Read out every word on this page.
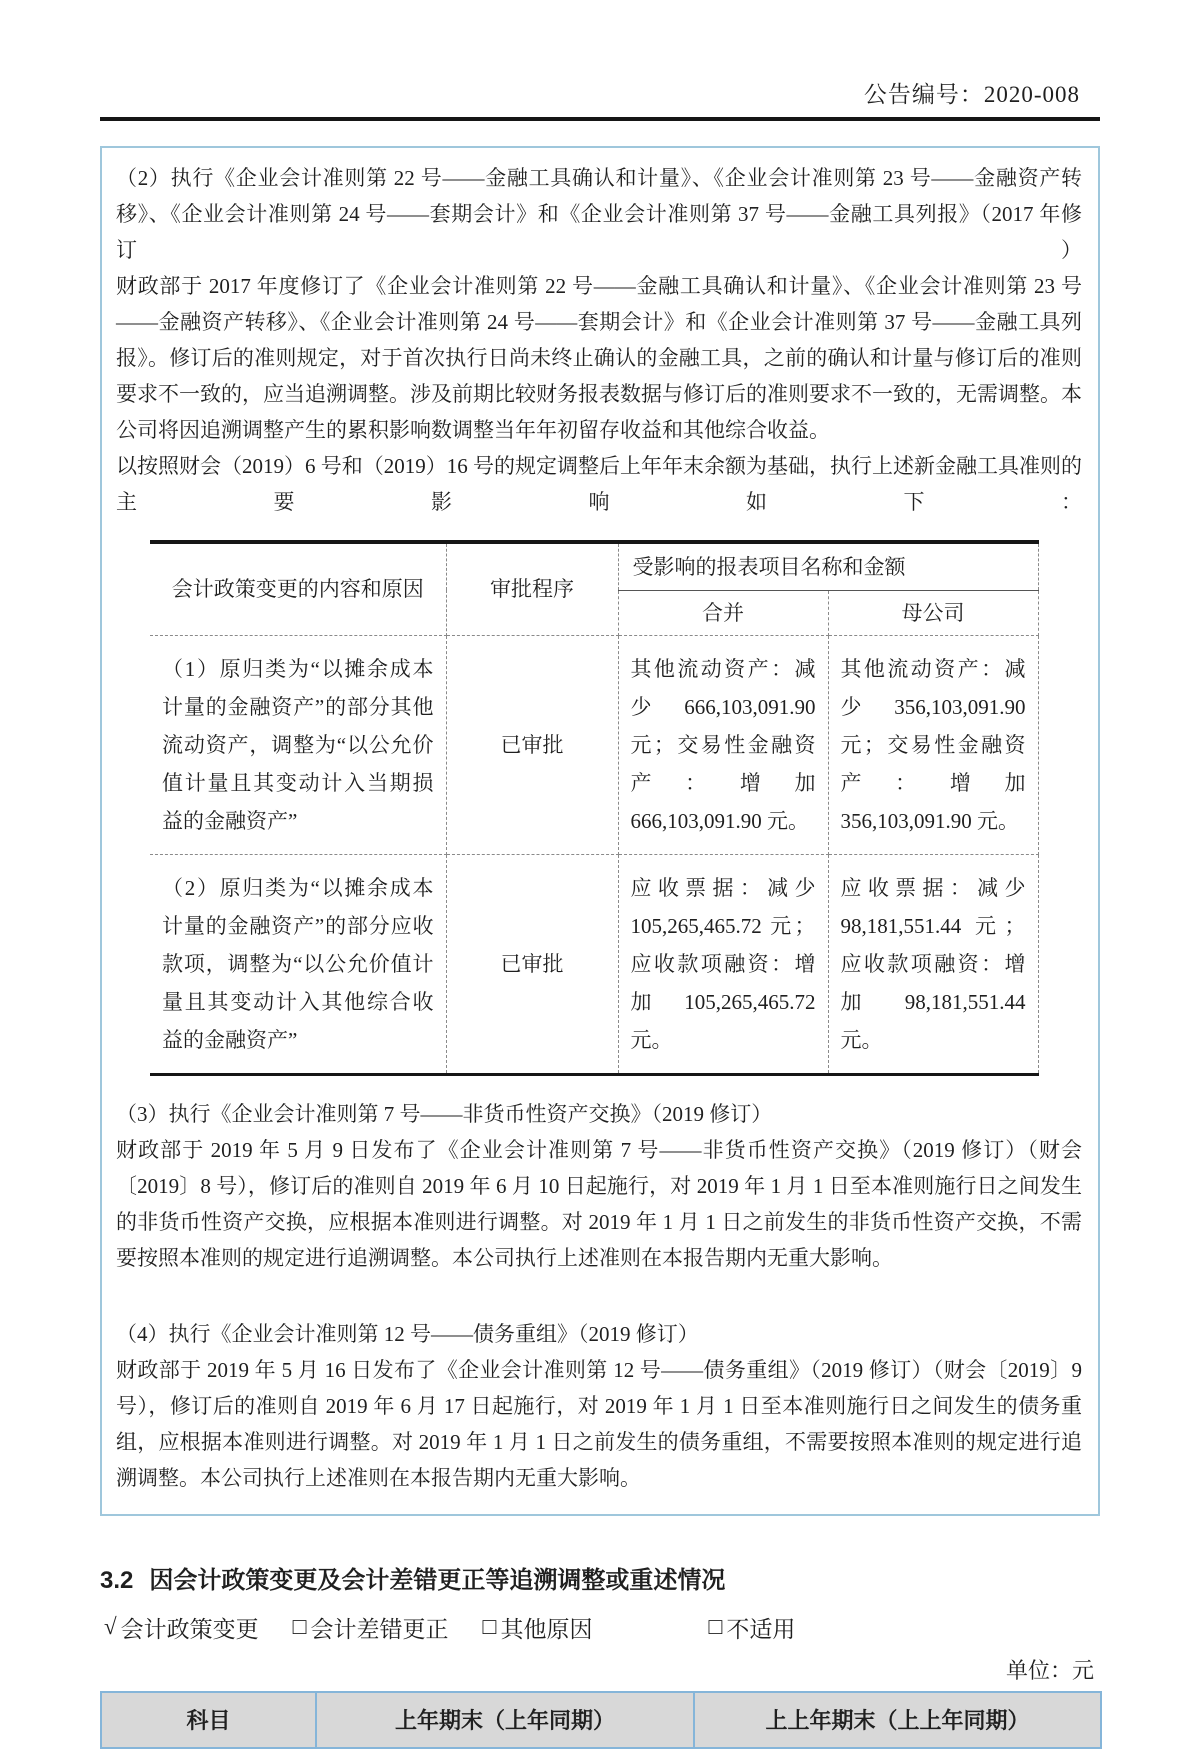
公告编号：2020-008
（2）执行《企业会计准则第 22 号——金融工具确认和计量》、《企业会计准则第 23 号——金融资产转移》、《企业会计准则第 24 号——套期会计》和《企业会计准则第 37 号——金融工具列报》（2017 年修订）
财政部于 2017 年度修订了《企业会计准则第 22 号——金融工具确认和计量》、《企业会计准则第 23 号——金融资产转移》、《企业会计准则第 24 号——套期会计》和《企业会计准则第 37 号——金融工具列报》。修订后的准则规定，对于首次执行日尚未终止确认的金融工具，之前的确认和计量与修订后的准则要求不一致的，应当追溯调整。涉及前期比较财务报表数据与修订后的准则要求不一致的，无需调整。本公司将因追溯调整产生的累积影响数调整当年年初留存收益和其他综合收益。
以按照财会（2019）6 号和（2019）16 号的规定调整后上年年末余额为基础，执行上述新金融工具准则的主要影响如下：
会计政策变更的内容和原因	审批程序	受影响的报表项目名称和金额	
		合并	母公司
（1）原归类为“以摊余成本计量的金融资产”的部分其他流动资产，调整为“以公允价值计量且其变动计入当期损益的金融资产”	已审批	其他流动资产：减少 666,103,091.90 元；交易性金融资产：增加 666,103,091.90 元。	其他流动资产：减少 356,103,091.90 元；交易性金融资产：增加 356,103,091.90 元。
（2）原归类为“以摊余成本计量的金融资产”的部分应收款项，调整为“以公允价值计量且其变动计入其他综合收益的金融资产”	已审批	应收票据：减少 105,265,465.72 元；应收款项融资：增加 105,265,465.72 元。	应收票据：减少 98,181,551.44 元；应收款项融资：增加 98,181,551.44 元。
（3）执行《企业会计准则第 7 号——非货币性资产交换》（2019 修订）
财政部于 2019 年 5 月 9 日发布了《企业会计准则第 7 号——非货币性资产交换》（2019 修订）（财会〔2019〕8 号），修订后的准则自 2019 年 6 月 10 日起施行，对 2019 年 1 月 1 日至本准则施行日之间发生的非货币性资产交换，应根据本准则进行调整。对 2019 年 1 月 1 日之前发生的非货币性资产交换，不需要按照本准则的规定进行追溯调整。本公司执行上述准则在本报告期内无重大影响。
（4）执行《企业会计准则第 12 号——债务重组》（2019 修订）
财政部于 2019 年 5 月 16 日发布了《企业会计准则第 12 号——债务重组》（2019 修订）（财会〔2019〕9 号），修订后的准则自 2019 年 6 月 17 日起施行，对 2019 年 1 月 1 日至本准则施行日之间发生的债务重组，应根据本准则进行调整。对 2019 年 1 月 1 日之前发生的债务重组，不需要按照本准则的规定进行追溯调整。本公司执行上述准则在本报告期内无重大影响。
3.2 因会计政策变更及会计差错更正等追溯调整或重述情况
√ 会计政策变更 □ 会计差错更正 □ 其他原因	□ 不适用
单位：元
科目	上年期末（上年同期）	上上年期末（上上年同期）
